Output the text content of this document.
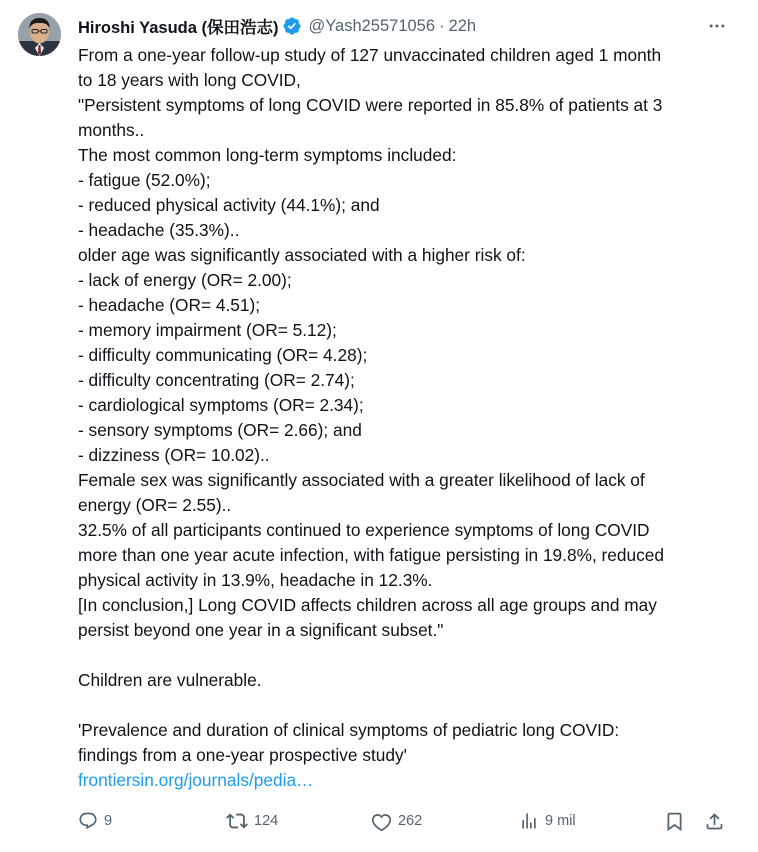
Hiroshi Yasuda (保田浩志) @Yash25571056 · 22h
From a one-year follow-up study of 127 unvaccinated children aged 1 month
to 18 years with long COVID,
"Persistent symptoms of long COVID were reported in 85.8% of patients at 3
months..
The most common long-term symptoms included:
- fatigue (52.0%);
- reduced physical activity (44.1%); and
- headache (35.3%)..
older age was significantly associated with a higher risk of:
- lack of energy (OR= 2.00);
- headache (OR= 4.51);
- memory impairment (OR= 5.12);
- difficulty communicating (OR= 4.28);
- difficulty concentrating (OR= 2.74);
- cardiological symptoms (OR= 2.34);
- sensory symptoms (OR= 2.66); and
- dizziness (OR= 10.02)..
Female sex was significantly associated with a greater likelihood of lack of
energy (OR= 2.55)..
32.5% of all participants continued to experience symptoms of long COVID
more than one year acute infection, with fatigue persisting in 19.8%, reduced
physical activity in 13.9%, headache in 12.3%.
[In conclusion,] Long COVID affects children across all age groups and may
persist beyond one year in a significant subset."
Children are vulnerable.
'Prevalence and duration of clinical symptoms of pediatric long COVID:
findings from a one-year prospective study'
frontiersin.org/journals/pedia…
9	124	262	9 mil
